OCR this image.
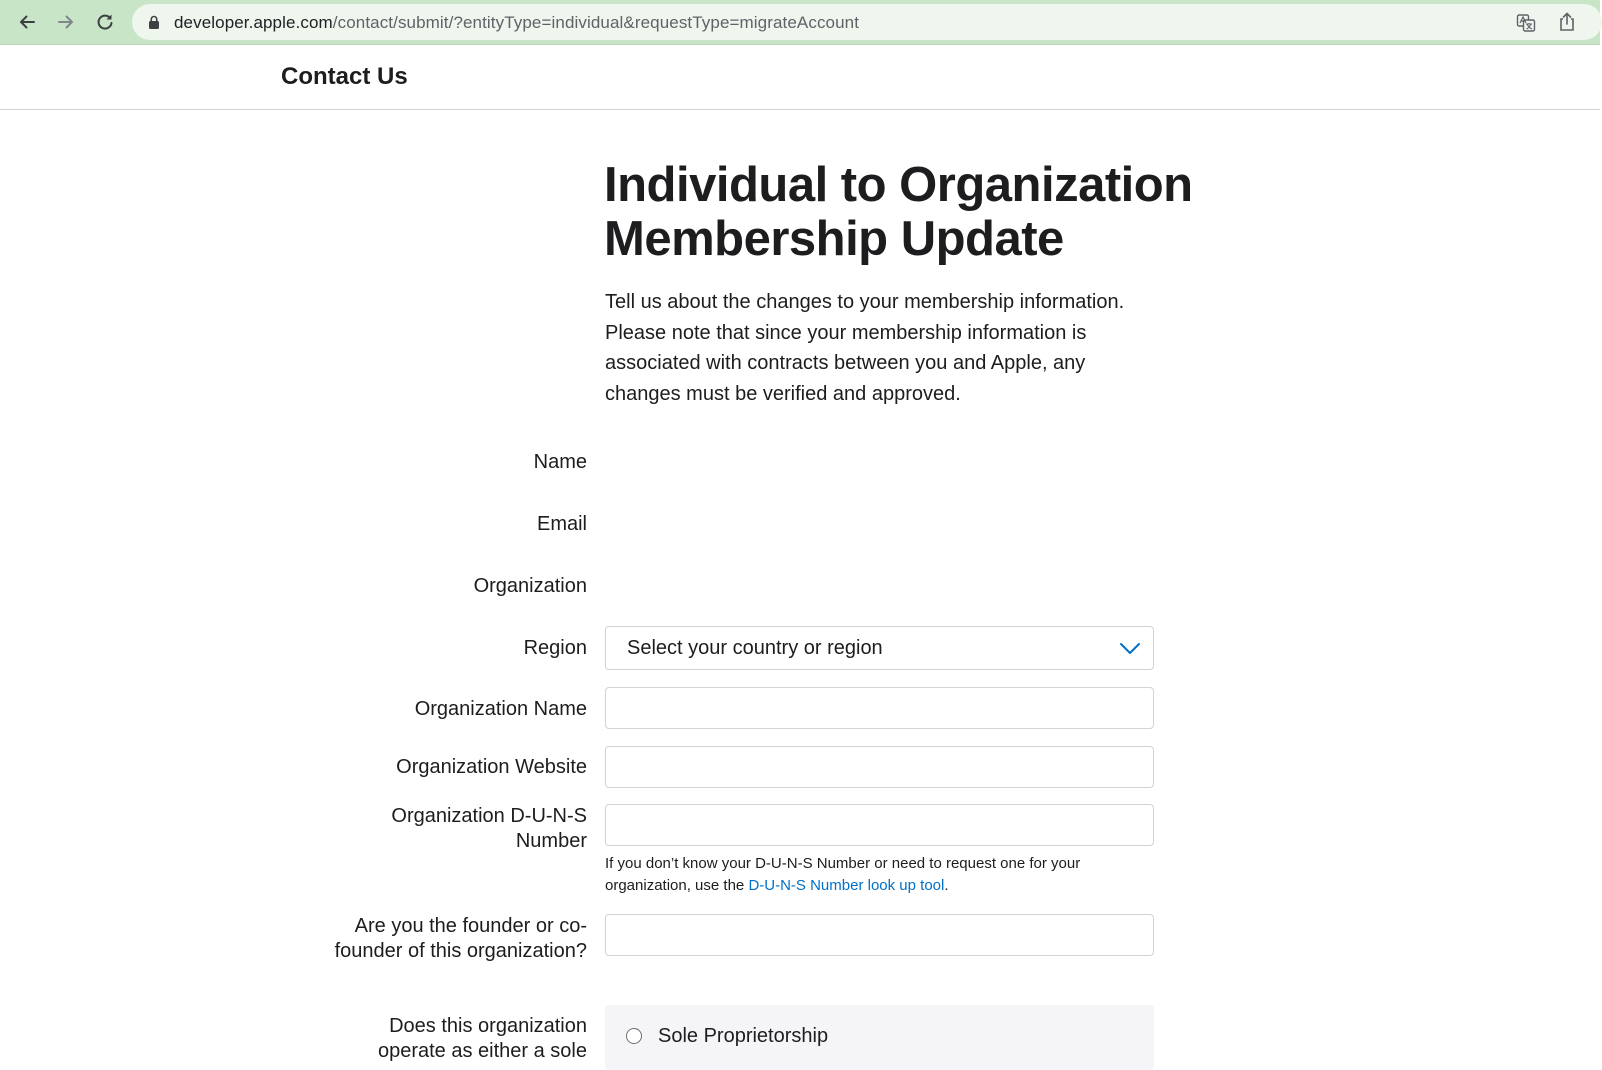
developer.apple.com/contact/submit/?entityType=individual&requestType=migrateAccount
Contact Us
Individual to Organization Membership Update

Tell us about the changes to your membership information. Please note that since your membership information is associated with contracts between you and Apple, any changes must be verified and approved.

Name
Email
Organization
Region Select your country or region
Organization Name
Organization Website
Organization D-U-N-S Number
If you don’t know your D-U-N-S Number or need to request one for your organization, use the D-U-N-S Number look up tool.
Are you the founder or co-founder of this organization?
Does this organization operate as either a sole
Sole Proprietorship
